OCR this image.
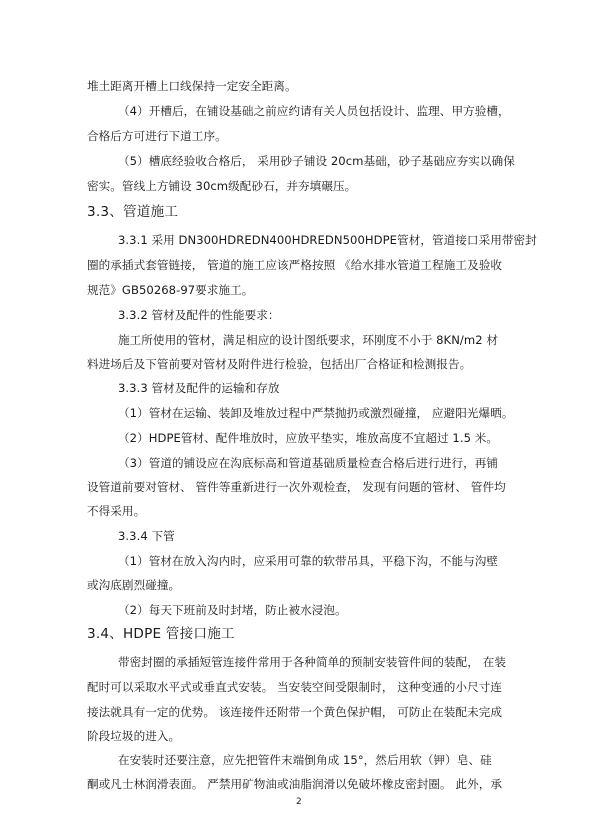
堆土距离开槽上口线保持一定安全距离。
（4）开槽后，在铺设基础之前应约请有关人员包括设计、监理、甲方验槽，
合格后方可进行下道工序。
（5）槽底经验收合格后， 采用砂子铺设 20cm基础，砂子基础应夯实以确保
密实。管线上方铺设 30cm级配砂石，并夯填碾压。
3.3、管道施工
3.3.1 采用 DN300HDREDN400HDREDN500HDPE管材，管道接口采用带密封
圈的承插式套管链接， 管道的施工应该严格按照 《给水排水管道工程施工及验收
规范》GB50268-97要求施工。
3.3.2 管材及配件的性能要求：
施工所使用的管材，满足相应的设计图纸要求，环刚度不小于 8KN/m2 材
料进场后及下管前要对管材及附件进行检验，包括出厂合格证和检测报告。
3.3.3 管材及配件的运输和存放
（1）管材在运输、装卸及堆放过程中严禁抛扔或激烈碰撞， 应避阳光爆晒。
（2）HDPE管材、配件堆放时，应放平垫实，堆放高度不宜超过 1.5 米。
（3）管道的铺设应在沟底标高和管道基础质量检查合格后进行进行，再铺
设管道前要对管材、 管件等重新进行一次外观检查， 发现有问题的管材、 管件均
不得采用。
3.3.4 下管
（1）管材在放入沟内时，应采用可靠的软带吊具，平稳下沟，不能与沟壁
或沟底剧烈碰撞。
（2）每天下班前及时封堵，防止被水浸泡。
3.4、HDPE 管接口施工
带密封圈的承插短管连接件常用于各种简单的预制安装管件间的装配， 在装
配时可以采取水平式或垂直式安装。 当安装空间受限制时， 这种变通的小尺寸连
接法就具有一定的优势。 该连接件还附带一个黄色保护帽， 可防止在装配未完成
阶段垃圾的进入。
在安装时还要注意，应先把管件末端倒角成 15°，然后用软（钾）皂、硅
酮或凡士林润滑表面。 严禁用矿物油或油脂润滑以免破坏橡皮密封圈。 此外，承
2
